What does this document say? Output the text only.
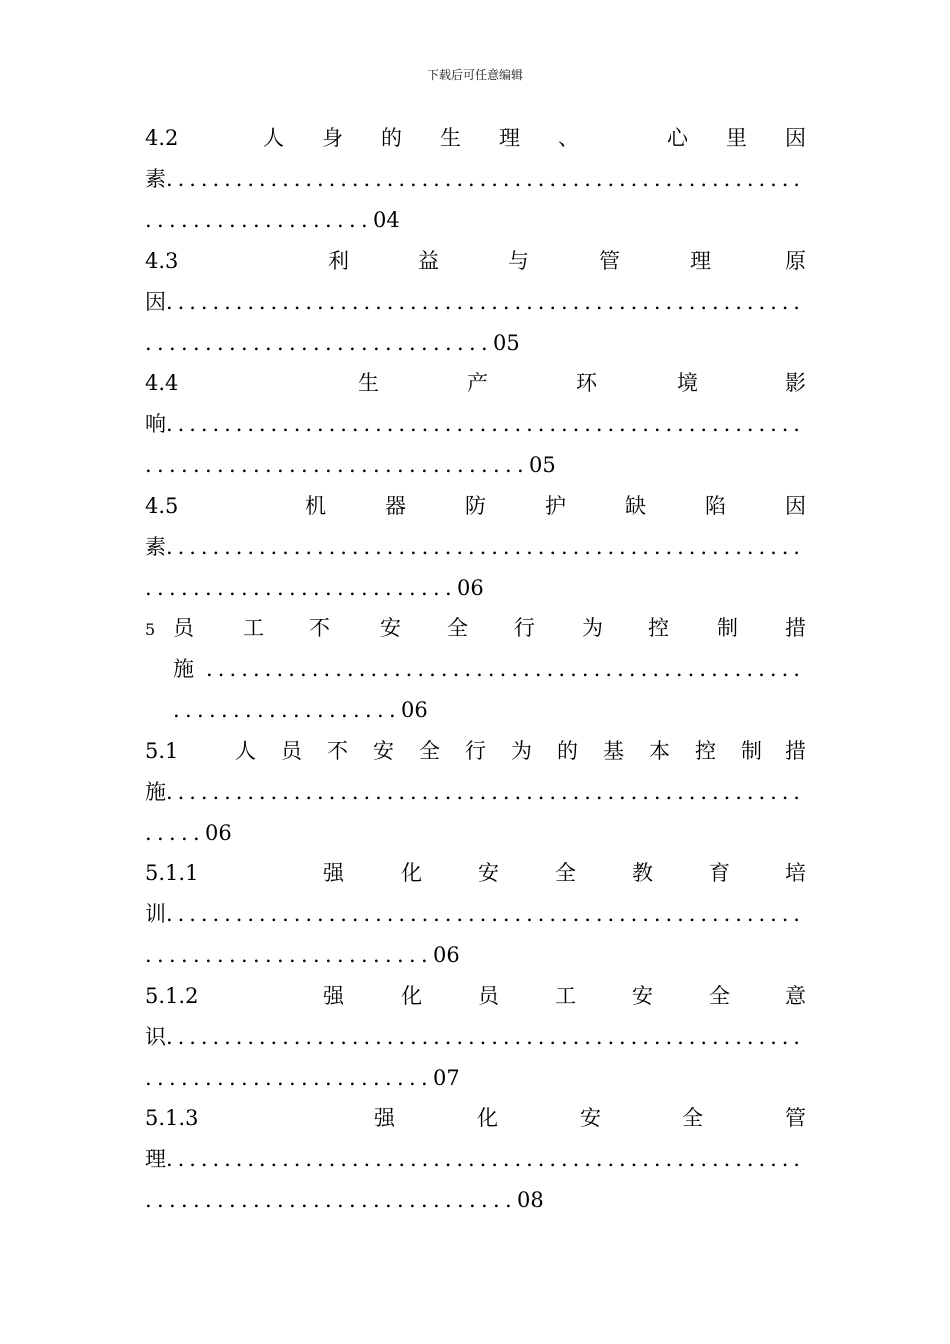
下载后可任意编辑
4.2	人 身 的 生 理 、	心 里 因
素.......................................................
...................04
4.3	利	益	与	管	理	原
因.......................................................
.............................05
4.4	生	产	环	境	影
响.......................................................
................................05
4.5	机	器	防	护	缺	陷	因
素.......................................................
..........................06
5 员 工 不 安 全 行 为 控 制 措
施 ...................................................
...................06
5.1	人 员 不 安 全 行 为 的 基 本 控 制 措
施.......................................................
.....06
5.1.1	强	化	安	全	教	育	培
训.......................................................
........................06
5.1.2	强	化	员	工	安	全	意
识.......................................................
........................07
5.1.3	强	化	安	全	管
理.......................................................
...............................08
